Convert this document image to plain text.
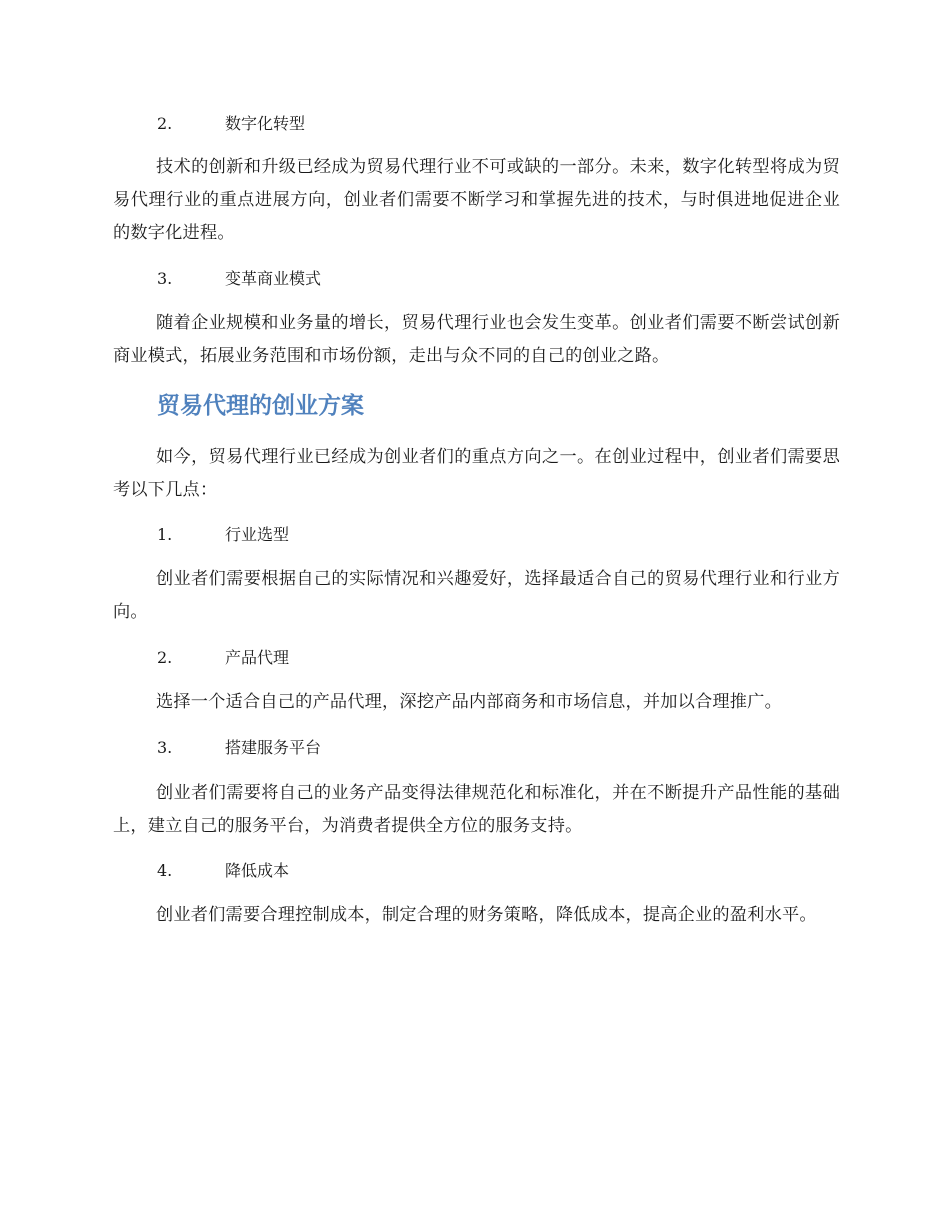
2.	数字化转型
技术的创新和升级已经成为贸易代理行业不可或缺的一部分。未来，数字化转型将成为贸易代理行业的重点进展方向，创业者们需要不断学习和掌握先进的技术，与时俱进地促进企业的数字化进程。
3.	变革商业模式
随着企业规模和业务量的增长，贸易代理行业也会发生变革。创业者们需要不断尝试创新商业模式，拓展业务范围和市场份额，走出与众不同的自己的创业之路。
贸易代理的创业方案
如今，贸易代理行业已经成为创业者们的重点方向之一。在创业过程中，创业者们需要思考以下几点：
1.	行业选型
创业者们需要根据自己的实际情况和兴趣爱好，选择最适合自己的贸易代理行业和行业方向。
2.	产品代理
选择一个适合自己的产品代理，深挖产品内部商务和市场信息，并加以合理推广。
3.	搭建服务平台
创业者们需要将自己的业务产品变得法律规范化和标准化，并在不断提升产品性能的基础上，建立自己的服务平台，为消费者提供全方位的服务支持。
4.	降低成本
创业者们需要合理控制成本，制定合理的财务策略，降低成本，提高企业的盈利水平。
